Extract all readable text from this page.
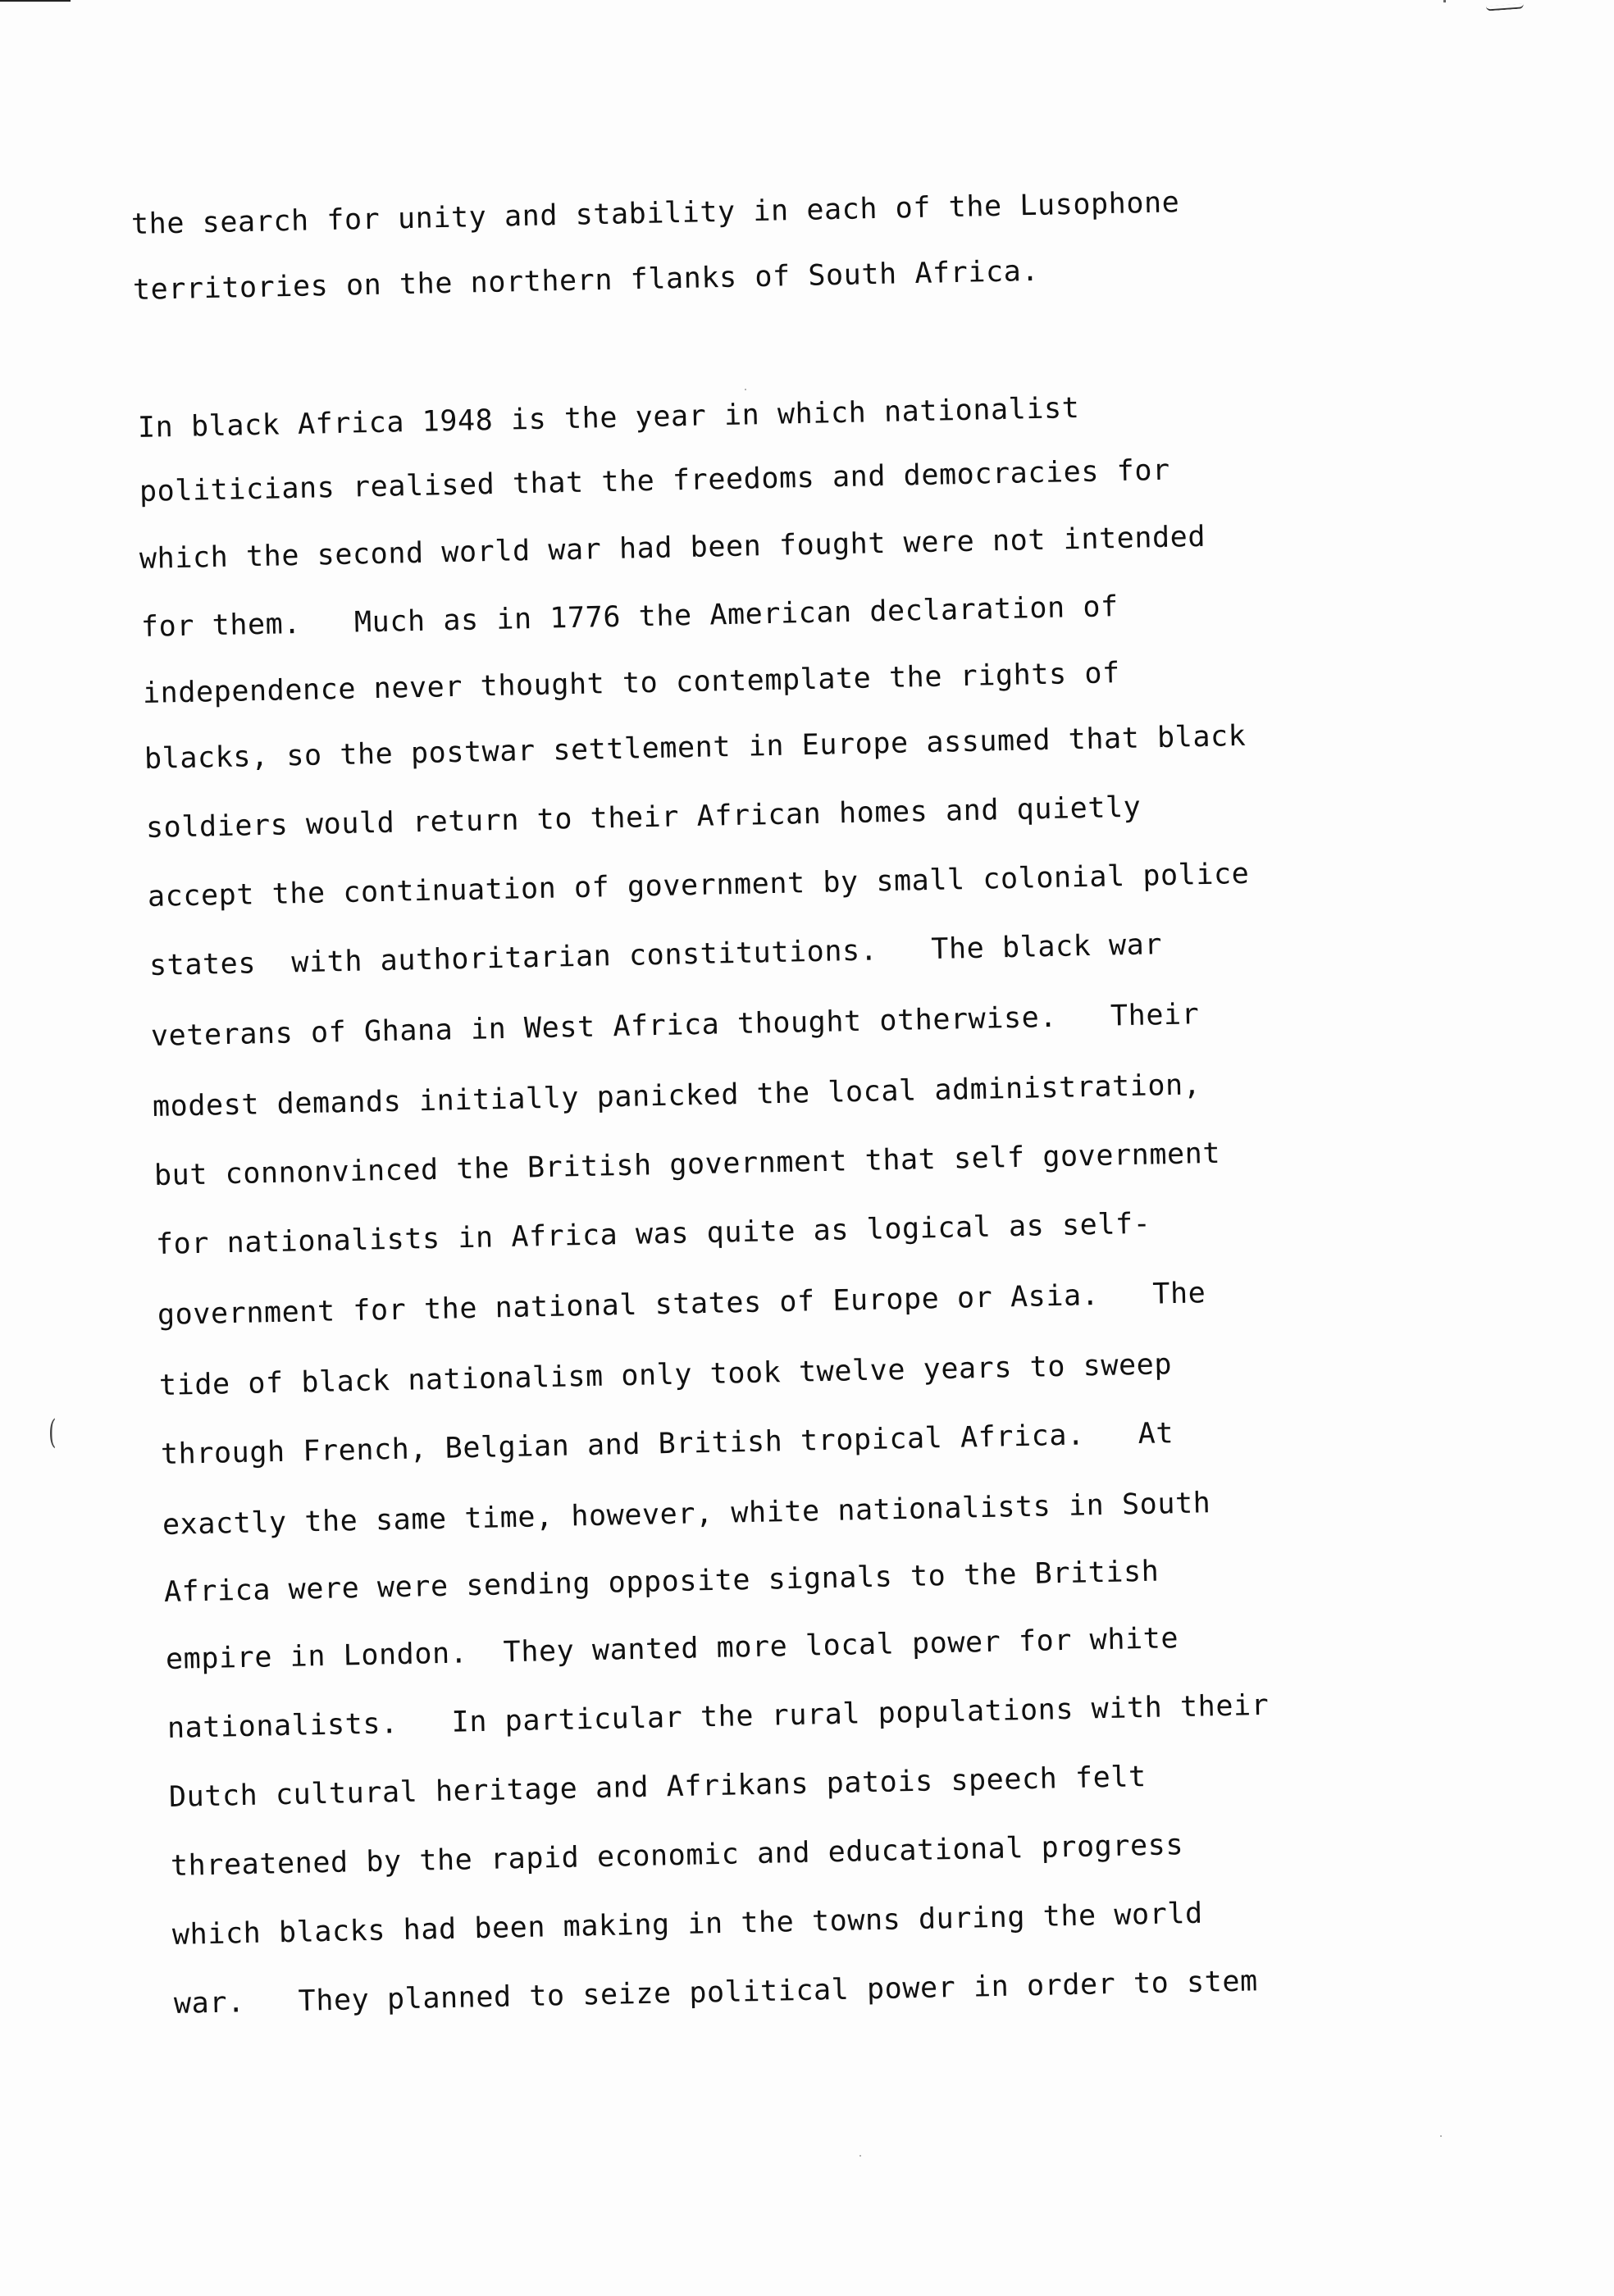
(
the search for unity and stability in each of the Lusophone
territories on the northern flanks of South Africa.
In black Africa 1948 is the year in which nationalist
politicians realised that the freedoms and democracies for
which the second world war had been fought were not intended
for them.   Much as in 1776 the American declaration of
independence never thought to contemplate the rights of
blacks, so the postwar settlement in Europe assumed that black
soldiers would return to their African homes and quietly
accept the continuation of government by small colonial police
states  with authoritarian constitutions.   The black war
veterans of Ghana in West Africa thought otherwise.   Their
modest demands initially panicked the local administration,
but connonvinced the British government that self government
for nationalists in Africa was quite as logical as self-
government for the national states of Europe or Asia.   The
tide of black nationalism only took twelve years to sweep
through French, Belgian and British tropical Africa.   At
exactly the same time, however, white nationalists in South
Africa were were sending opposite signals to the British
empire in London.  They wanted more local power for white
nationalists.   In particular the rural populations with their
Dutch cultural heritage and Afrikans patois speech felt
threatened by the rapid economic and educational progress
which blacks had been making in the towns during the world
war.   They planned to seize political power in order to stem
